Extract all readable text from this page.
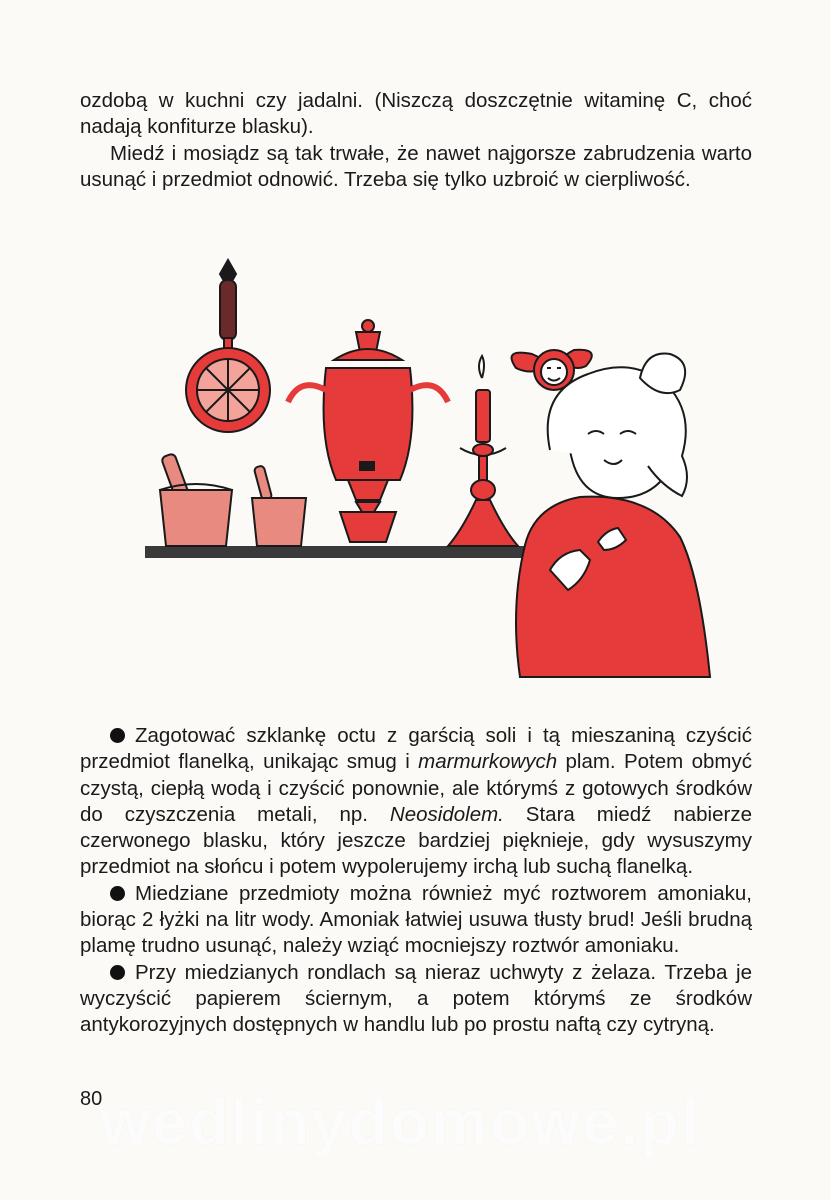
ozdobą w kuchni czy jadalni. (Niszczą doszczętnie witaminę C, choć nadają konfiturze blasku).

Miedź i mosiądz są tak trwałe, że nawet najgorsze zabrudzenia warto usunąć i przedmiot odnowić. Trzeba się tylko uzbroić w cierpliwość.

Zagotować szklankę octu z garścią soli i tą mieszaniną czyścić przedmiot flanelką, unikając smug i marmurkowych plam. Potem obmyć czystą, ciepłą wodą i czyścić ponownie, ale którymś z gotowych środków do czyszczenia metali, np. Neosidolem. Stara miedź nabierze czerwonego blasku, który jeszcze bardziej pięknieje, gdy wysuszymy przedmiot na słońcu i potem wypolerujemy irchą lub suchą flanelką.

Miedziane przedmioty można również myć roztworem amoniaku, biorąc 2 łyżki na litr wody. Amoniak łatwiej usuwa tłusty brud! Jeśli brudną plamę trudno usunąć, należy wziąć mocniejszy roztwór amoniaku.

Przy miedzianych rondlach są nieraz uchwyty z żelaza. Trzeba je wyczyścić papierem ściernym, a potem którymś ze środków antykorozyjnych dostępnych w handlu lub po prostu naftą czy cytryną.

80
wedlinydomowe.pl
